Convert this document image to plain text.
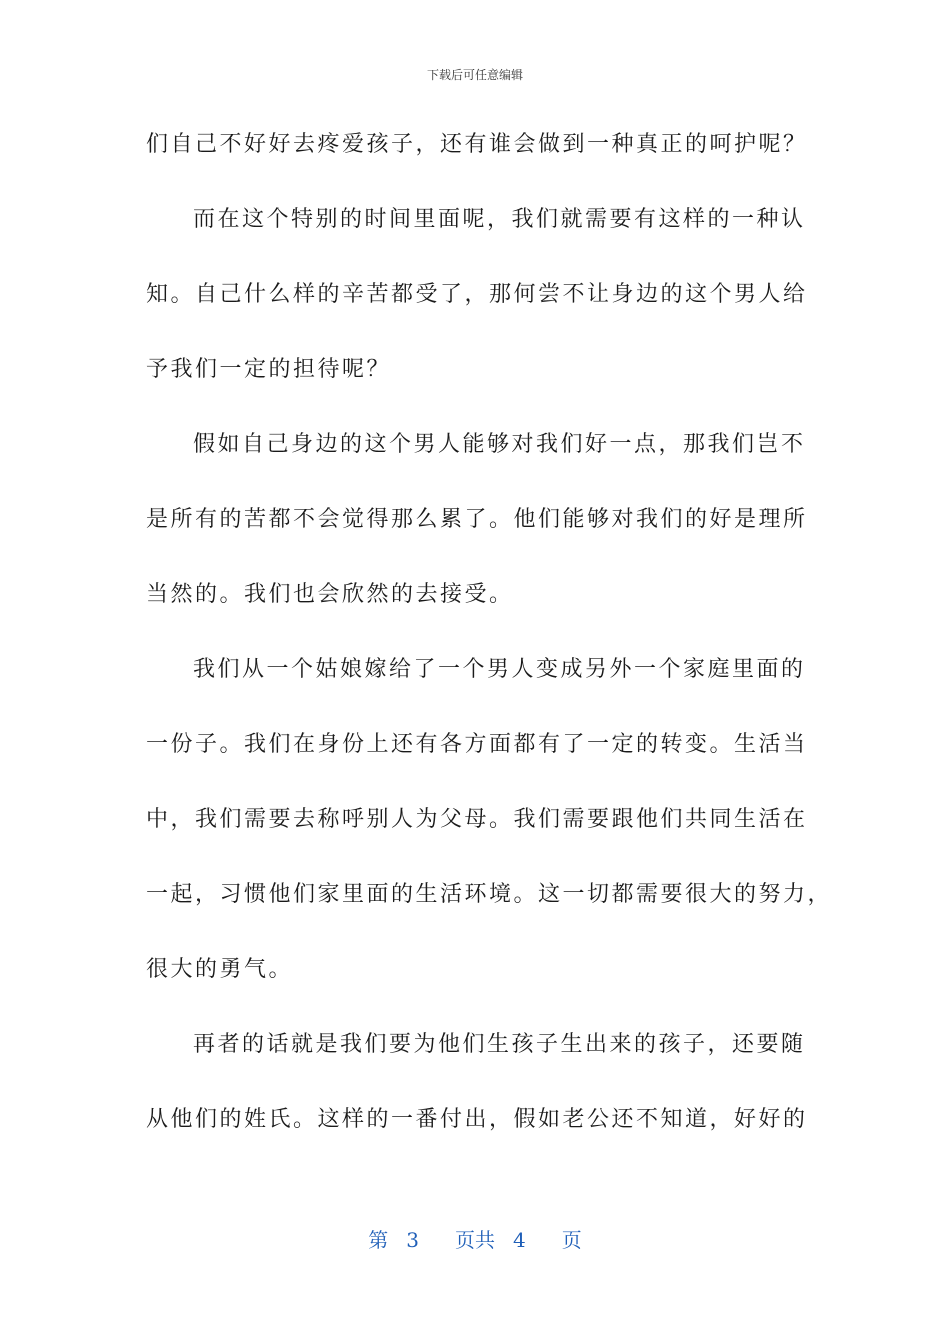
下载后可任意编辑
们自己不好好去疼爱孩子，还有谁会做到一种真正的呵护呢？
而在这个特别的时间里面呢，我们就需要有这样的一种认
知。自己什么样的辛苦都受了，那何尝不让身边的这个男人给
予我们一定的担待呢？
假如自己身边的这个男人能够对我们好一点，那我们岂不
是所有的苦都不会觉得那么累了。他们能够对我们的好是理所
当然的。我们也会欣然的去接受。
我们从一个姑娘嫁给了一个男人变成另外一个家庭里面的
一份子。我们在身份上还有各方面都有了一定的转变。生活当
中，我们需要去称呼别人为父母。我们需要跟他们共同生活在
一起，习惯他们家里面的生活环境。这一切都需要很大的努力，
很大的勇气。
再者的话就是我们要为他们生孩子生出来的孩子，还要随
从他们的姓氏。这样的一番付出，假如老公还不知道，好好的
第 3 页共 4 页
